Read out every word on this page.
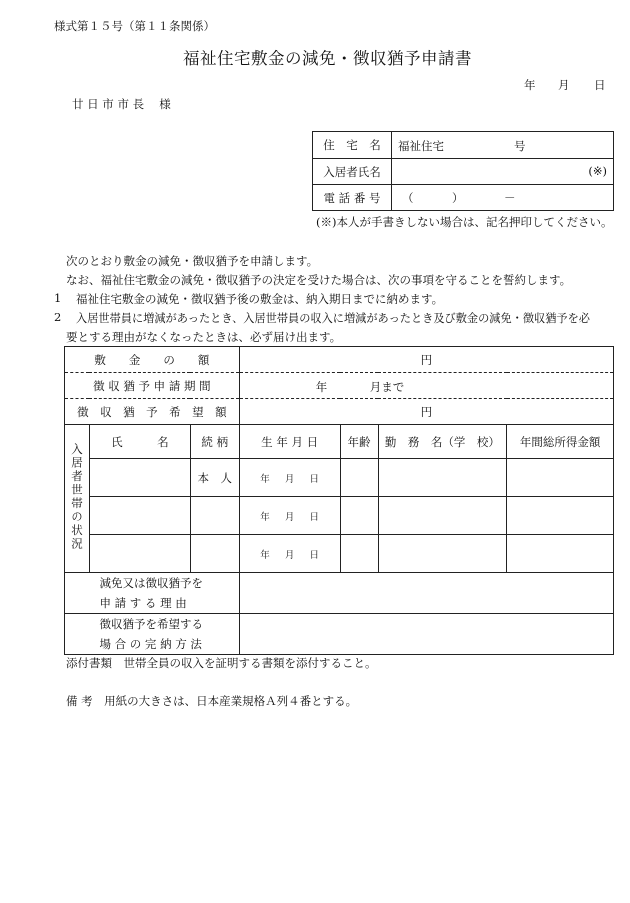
様式第１５号（第１１条関係）
福祉住宅敷金の減免・徴収猶予申請書
年 月 日
廿 日 市 市 長　 様
住　宅　名	福祉住宅 号

入居者氏名	(※)

電 話 番 号	（ ） －
(※)本人が手書きしない場合は、記名押印してください。
次のとおり敷金の減免・徴収猶予を申請します。
なお、福祉住宅敷金の減免・徴収猶予の決定を受けた場合は、次の事項を守ることを誓約します。
1 福祉住宅敷金の減免・徴収猶予後の敷金は、納入期日までに納めます。
2 入居世帯員に増減があったとき、入居世帯員の収入に増減があったとき及び敷金の減免・徴収猶予を必
要とする理由がなくなったときは、必ず届け出ます。
敷　　金　　の　　額			円			
徴 収 猶 予 申 請 期 間			年 月まで			

徴　収　猶　予　希　望　額			円			
入居者世帯の状況	氏　　　名	続 柄	生 年 月 日	年齢	勤　務　名（学　校）	年間総所得金額
		本　人	年 月 日			
			年 月 日			
			年 月 日			

	減免又は徴収猶予を
申 請 す る 理 由					

	徴収猶予を希望する
場 合 の 完 納 方 法					

添付書類　世帯全員の収入を証明する書類を添付すること。
備 考　用紙の大きさは、日本産業規格Ａ列４番とする。
